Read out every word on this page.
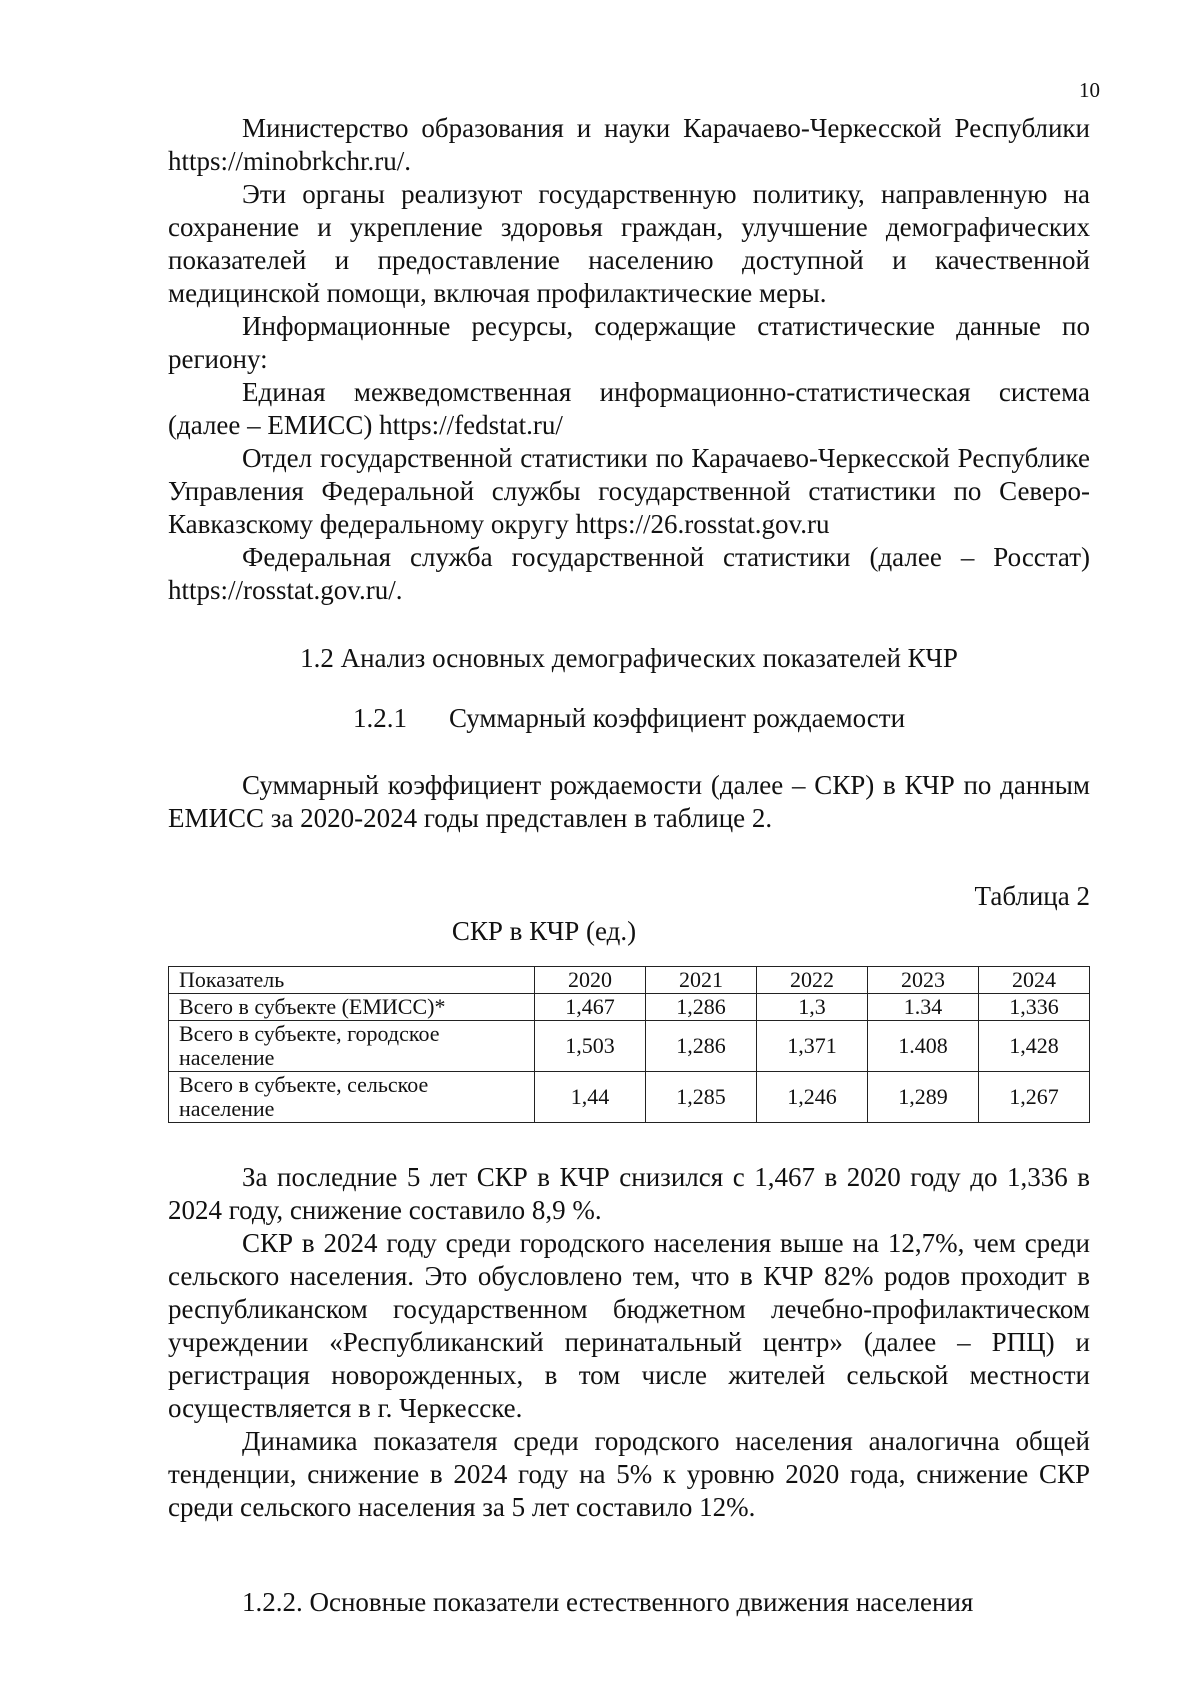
10

Министерство образования и науки Карачаево-Черкесской Республики https://minobrkchr.ru/.

Эти органы реализуют государственную политику, направленную на сохранение и укрепление здоровья граждан, улучшение демографических показателей и предоставление населению доступной и качественной медицинской помощи, включая профилактические меры.

Информационные ресурсы, содержащие статистические данные по региону:

Единая межведомственная информационно-статистическая система (далее – ЕМИСС) https://fedstat.ru/

Отдел государственной статистики по Карачаево-Черкесской Республике Управления Федеральной службы государственной статистики по Северо-Кавказскому федеральному округу https://26.rosstat.gov.ru

Федеральная служба государственной статистики (далее – Росстат) https://rosstat.gov.ru/.

1.2 Анализ основных демографических показателей КЧР

1.2.1 Суммарный коэффициент рождаемости

Суммарный коэффициент рождаемости (далее – СКР) в КЧР по данным ЕМИСС за 2020-2024 годы представлен в таблице 2.

Таблица 2
СКР в КЧР (ед.)
Показатель	2020	2021	2022	2023	2024
Всего в субъекте (ЕМИСС)*	1,467	1,286	1,3	1.34	1,336
Всего в субъекте, городское население	1,503	1,286	1,371	1.408	1,428
Всего в субъекте, сельское население	1,44	1,285	1,246	1,289	1,267

За последние 5 лет СКР в КЧР снизился с 1,467 в 2020 году до 1,336 в 2024 году, снижение составило 8,9 %.

СКР в 2024 году среди городского населения выше на 12,7%, чем среди сельского населения. Это обусловлено тем, что в КЧР 82% родов проходит в республиканском государственном бюджетном лечебно-профилактическом учреждении «Республиканский перинатальный центр» (далее – РПЦ) и регистрация новорожденных, в том числе жителей сельской местности осуществляется в г. Черкесске.

Динамика показателя среди городского населения аналогична общей тенденции, снижение в 2024 году на 5% к уровню 2020 года, снижение СКР среди сельского населения за 5 лет составило 12%.

1.2.2. Основные показатели естественного движения населения
